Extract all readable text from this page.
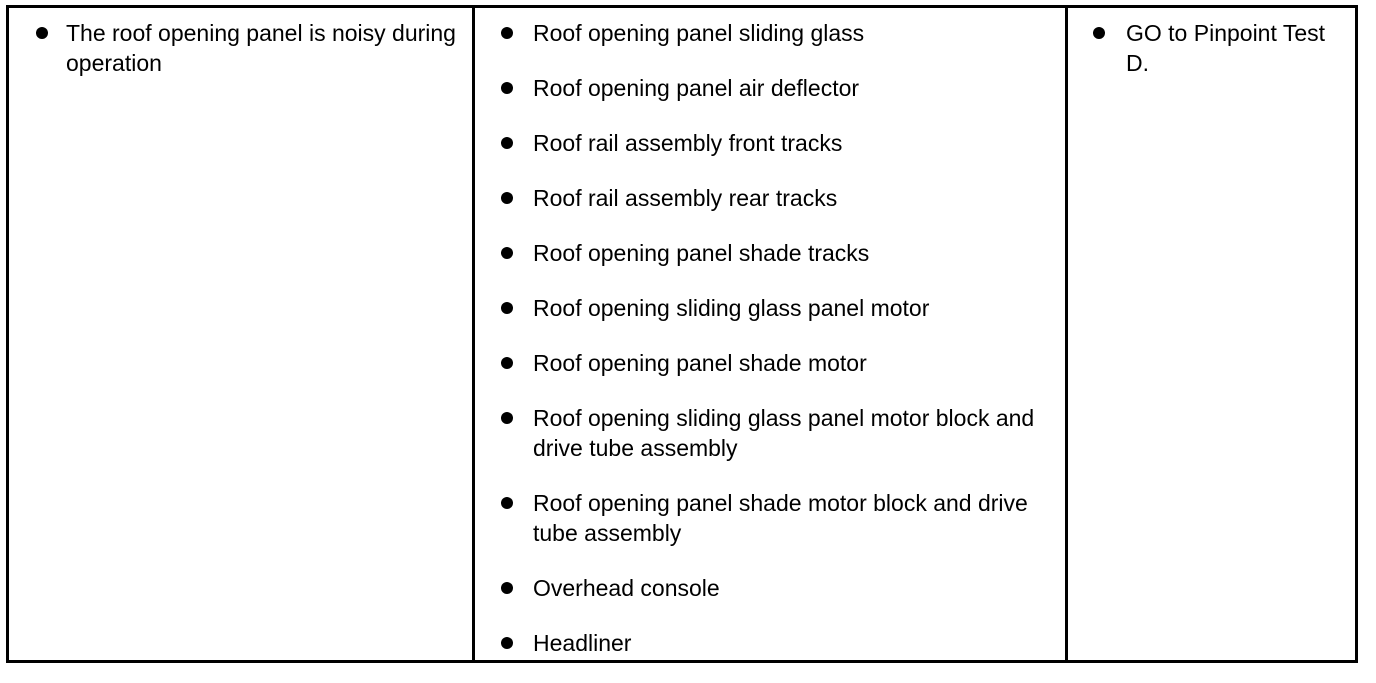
The roof opening panel is noisy during operation
Roof opening panel sliding glass
Roof opening panel air deflector
Roof rail assembly front tracks
Roof rail assembly rear tracks
Roof opening panel shade tracks
Roof opening sliding glass panel motor
Roof opening panel shade motor
Roof opening sliding glass panel motor block and drive tube assembly
Roof opening panel shade motor block and drive tube assembly
Overhead console
Headliner
GO to Pinpoint Test D.
